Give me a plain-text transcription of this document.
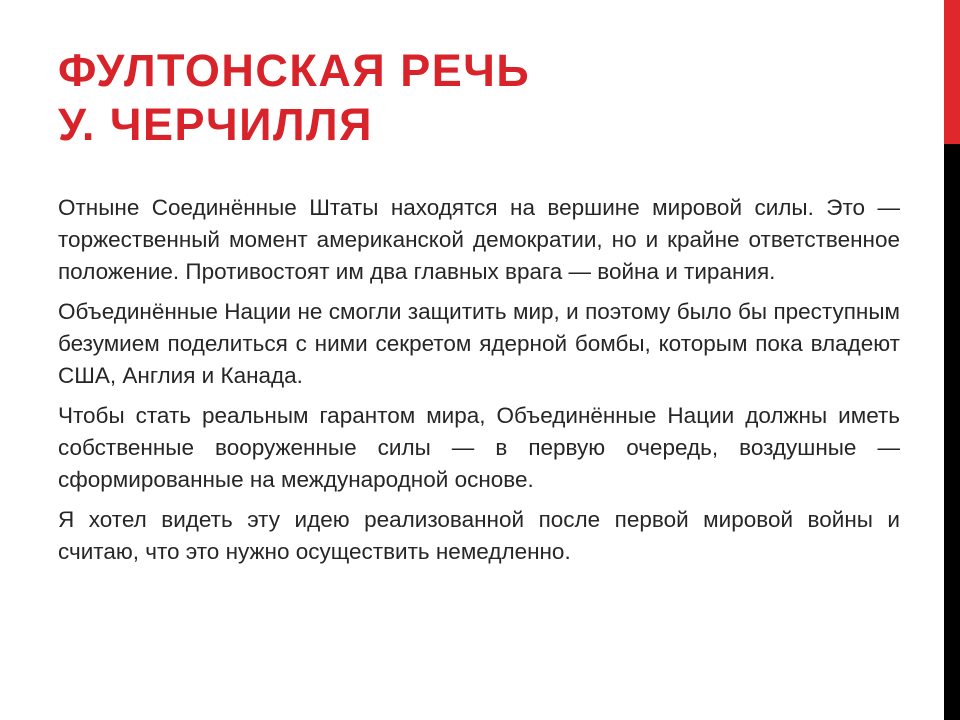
ФУЛТОНСКАЯ РЕЧЬ
У. ЧЕРЧИЛЛЯ

Отныне Соединённые Штаты находятся на вершине мировой силы. Это — торжественный момент американской демократии, но и крайне ответственное положение. Противостоят им два главных врага — война и тирания.

Объединённые Нации не смогли защитить мир, и поэтому было бы преступным безумием поделиться с ними секретом ядерной бомбы, которым пока владеют США, Англия и Канада.

Чтобы стать реальным гарантом мира, Объединённые Нации должны иметь собственные вооруженные силы — в первую очередь, воздушные — сформированные на международной основе.

Я хотел видеть эту идею реализованной после первой мировой войны и считаю, что это нужно осуществить немедленно.
